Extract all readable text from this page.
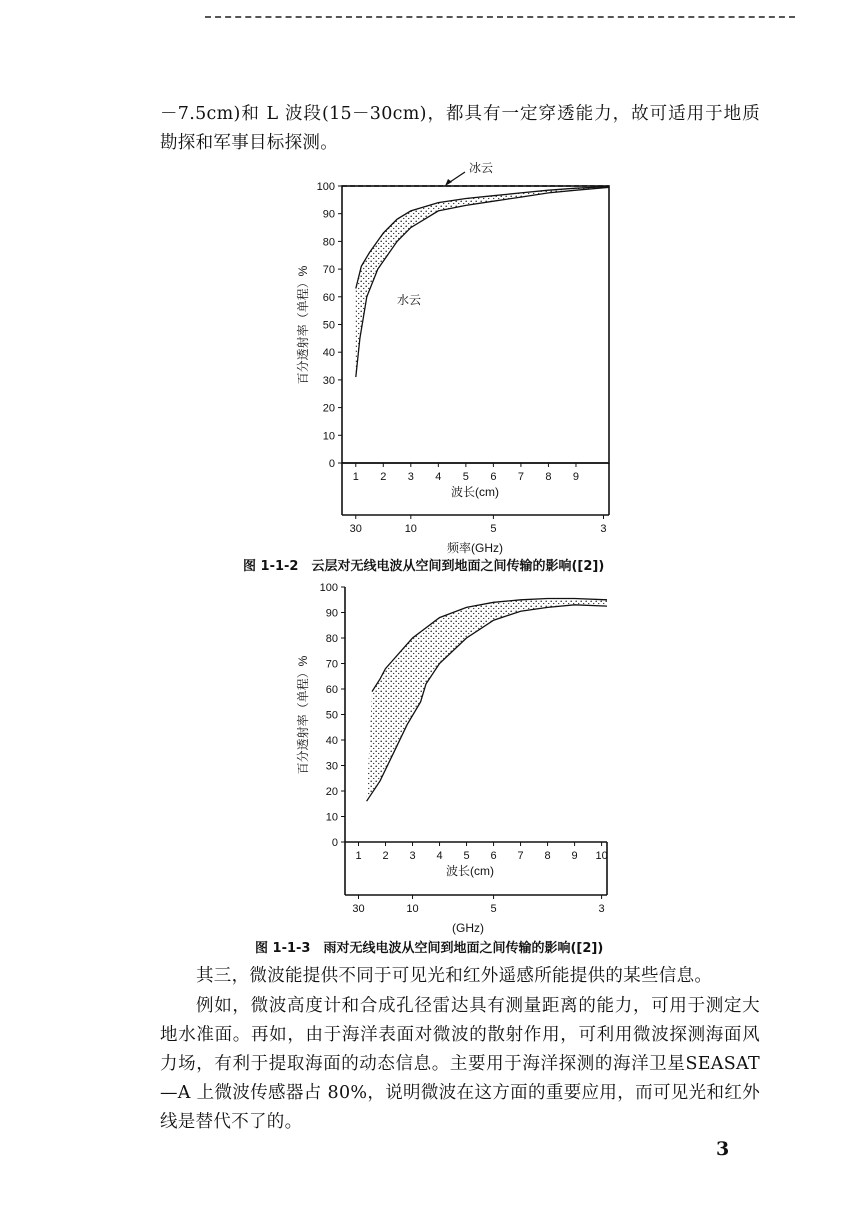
－7.5cm)和 L 波段(15－30cm)，都具有一定穿透能力，故可适用于地质勘探和军事目标探测。

0
10
20
30
40
50
60
70
80
90
100
1 2 3 4 5 6 7 8 9
30	10	5	3
波长(cm)
频率(GHz)
百分透射率（单程）%
冰云
水云
图 1-1-2　云层对无线电波从空间到地面之间传输的影响([2])
0
10
20
30
40
50
60
70
80
90
100
1 2 3 4 5 6 7 8 9 10
30	10	5	3
波长(cm)
(GHz)
百分透射率（单程）%
图 1-1-3　雨对无线电波从空间到地面之间传输的影响([2])

其三，微波能提供不同于可见光和红外遥感所能提供的某些信息。

例如，微波高度计和合成孔径雷达具有测量距离的能力，可用于测定大地水准面。再如，由于海洋表面对微波的散射作用，可利用微波探测海面风力场，有利于提取海面的动态信息。主要用于海洋探测的海洋卫星SEASAT—A 上微波传感器占 80%，说明微波在这方面的重要应用，而可见光和红外线是替代不了的。

3
